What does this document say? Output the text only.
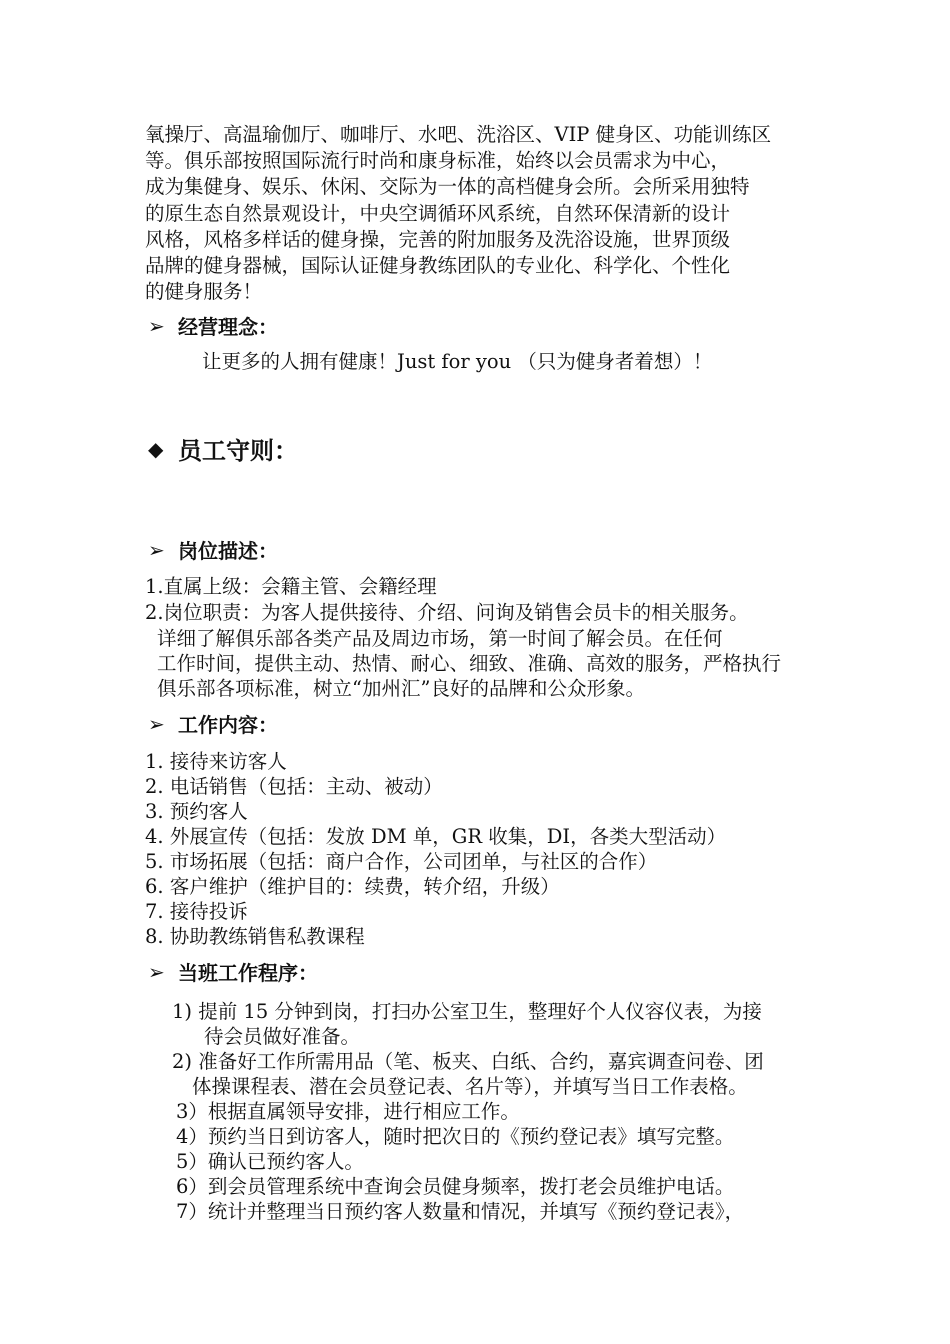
氧操厅、高温瑜伽厅、咖啡厅、水吧、洗浴区、VIP 健身区、功能训练区
等。俱乐部按照国际流行时尚和康身标准，始终以会员需求为中心，
成为集健身、娱乐、休闲、交际为一体的高档健身会所。会所采用独特
的原生态自然景观设计，中央空调循环风系统，自然环保清新的设计
风格，风格多样话的健身操，完善的附加服务及洗浴设施，世界顶级
品牌的健身器械，国际认证健身教练团队的专业化、科学化、个性化
的健身服务！

➢ 经营理念：
让更多的人拥有健康！Just for you （只为健身者着想）！
◆ 员工守则：
➢ 岗位描述：
1.直属上级：会籍主管、会籍经理
2.岗位职责：为客人提供接待、介绍、问询及销售会员卡的相关服务。
详细了解俱乐部各类产品及周边市场，第一时间了解会员。在任何
工作时间，提供主动、热情、耐心、细致、准确、高效的服务，严格执行
俱乐部各项标准，树立“加州汇”良好的品牌和公众形象。
➢ 工作内容：
1. 接待来访客人
2. 电话销售（包括：主动、被动）
3. 预约客人
4. 外展宣传（包括：发放 DM 单，GR 收集，DI，各类大型活动）
5. 市场拓展（包括：商户合作，公司团单，与社区的合作）
6. 客户维护（维护目的：续费，转介绍，升级）
7. 接待投诉
8. 协助教练销售私教课程
➢ 当班工作程序：
1) 提前 15 分钟到岗，打扫办公室卫生，整理好个人仪容仪表，为接
待会员做好准备。
2) 准备好工作所需用品（笔、板夹、白纸、合约，嘉宾调查问卷、团
体操课程表、潜在会员登记表、名片等），并填写当日工作表格。
3）根据直属领导安排，进行相应工作。
4）预约当日到访客人，随时把次日的《预约登记表》填写完整。
5）确认已预约客人。
6）到会员管理系统中查询会员健身频率，拨打老会员维护电话。
7）统计并整理当日预约客人数量和情况，并填写《预约登记表》，
